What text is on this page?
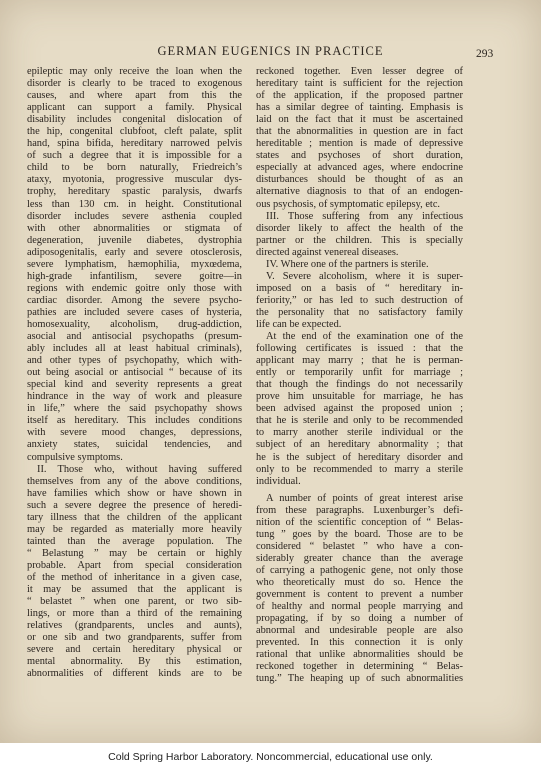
GERMAN EUGENICS IN PRACTICE	293
epileptic may only receive the loan when the
disorder is clearly to be traced to exogenous
causes, and where apart from this the
applicant can support a family. Physical
disability includes congenital dislocation of
the hip, congenital clubfoot, cleft palate, split
hand, spina bifida, hereditary narrowed pelvis
of such a degree that it is impossible for a
child to be born naturally, Friedreich’s
ataxy, myotonia, progressive muscular dys-
trophy, hereditary spastic paralysis, dwarfs
less than 130 cm. in height. Constitutional
disorder includes severe asthenia coupled
with other abnormalities or stigmata of
degeneration, juvenile diabetes, dystrophia
adiposogenitalis, early and severe otosclerosis,
severe lymphatism, hæmophilia, myxœdema,
high-grade infantilism, severe goitre—in
regions with endemic goitre only those with
cardiac disorder. Among the severe psycho-
pathies are included severe cases of hysteria,
homosexuality, alcoholism, drug-addiction,
asocial and antisocial psychopaths (presum-
ably includes all at least habitual criminals),
and other types of psychopathy, which with-
out being asocial or antisocial “ because of its
special kind and severity represents a great
hindrance in the way of work and pleasure
in life,” where the said psychopathy shows
itself as hereditary. This includes conditions
with severe mood changes, depressions,
anxiety states, suicidal tendencies, and
compulsive symptoms.
II. Those who, without having suffered
themselves from any of the above conditions,
have families which show or have shown in
such a severe degree the presence of heredi-
tary illness that the children of the applicant
may be regarded as materially more heavily
tainted than the average population. The
“ Belastung ” may be certain or highly
probable. Apart from special consideration
of the method of inheritance in a given case,
it may be assumed that the applicant is
“ belastet ” when one parent, or two sib-
lings, or more than a third of the remaining
relatives (grandparents, uncles and aunts),
or one sib and two grandparents, suffer from
severe and certain hereditary physical or
mental abnormality. By this estimation,
abnormalities of different kinds are to be
reckoned together. Even lesser degree of
hereditary taint is sufficient for the rejection
of the application, if the proposed partner
has a similar degree of tainting. Emphasis is
laid on the fact that it must be ascertained
that the abnormalities in question are in fact
hereditable ; mention is made of depressive
states and psychoses of short duration,
especially at advanced ages, where endocrine
disturbances should be thought of as an
alternative diagnosis to that of an endogen-
ous psychosis, of symptomatic epilepsy, etc.
III. Those suffering from any infectious
disorder likely to affect the health of the
partner or the children. This is specially
directed against venereal diseases.
IV. Where one of the partners is sterile.
V. Severe alcoholism, where it is super-
imposed on a basis of “ hereditary in-
feriority,” or has led to such destruction of
the personality that no satisfactory family
life can be expected.
At the end of the examination one of the
following certificates is issued : that the
applicant may marry ; that he is perman-
ently or temporarily unfit for marriage ;
that though the findings do not necessarily
prove him unsuitable for marriage, he has
been advised against the proposed union ;
that he is sterile and only to be recommended
to marry another sterile individual or the
subject of an hereditary abnormality ; that
he is the subject of hereditary disorder and
only to be recommended to marry a sterile
individual.
A number of points of great interest arise
from these paragraphs. Luxenburger’s defi-
nition of the scientific conception of “ Belas-
tung ” goes by the board. Those are to be
considered “ belastet ” who have a con-
siderably greater chance than the average
of carrying a pathogenic gene, not only those
who theoretically must do so. Hence the
government is content to prevent a number
of healthy and normal people marrying and
propagating, if by so doing a number of
abnormal and undesirable people are also
prevented. In this connection it is only
rational that unlike abnormalities should be
reckoned together in determining “ Belas-
tung.” The heaping up of such abnormalities
Cold Spring Harbor Laboratory. Noncommercial, educational use only.
